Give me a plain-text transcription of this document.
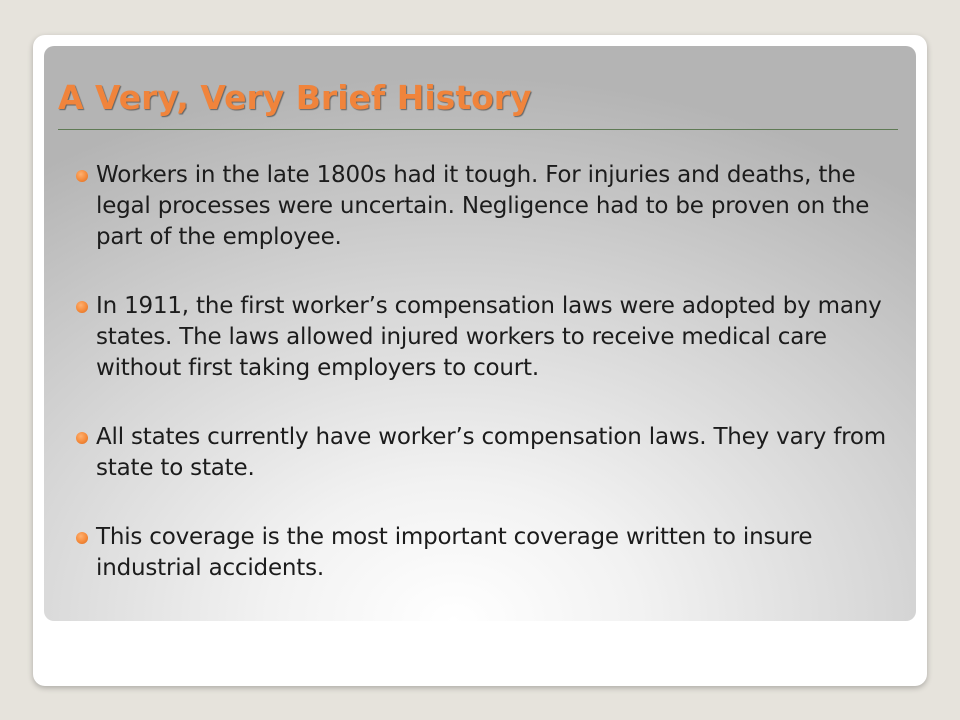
A Very, Very Brief History
Workers in the late 1800s had it tough. For injuries and deaths, the legal processes were uncertain. Negligence had to be proven on the part of the employee.
In 1911, the first worker’s compensation laws were adopted by many states. The laws allowed injured workers to receive medical care without first taking employers to court.
All states currently have worker’s compensation laws. They vary from state to state.
This coverage is the most important coverage written to insure industrial accidents.
